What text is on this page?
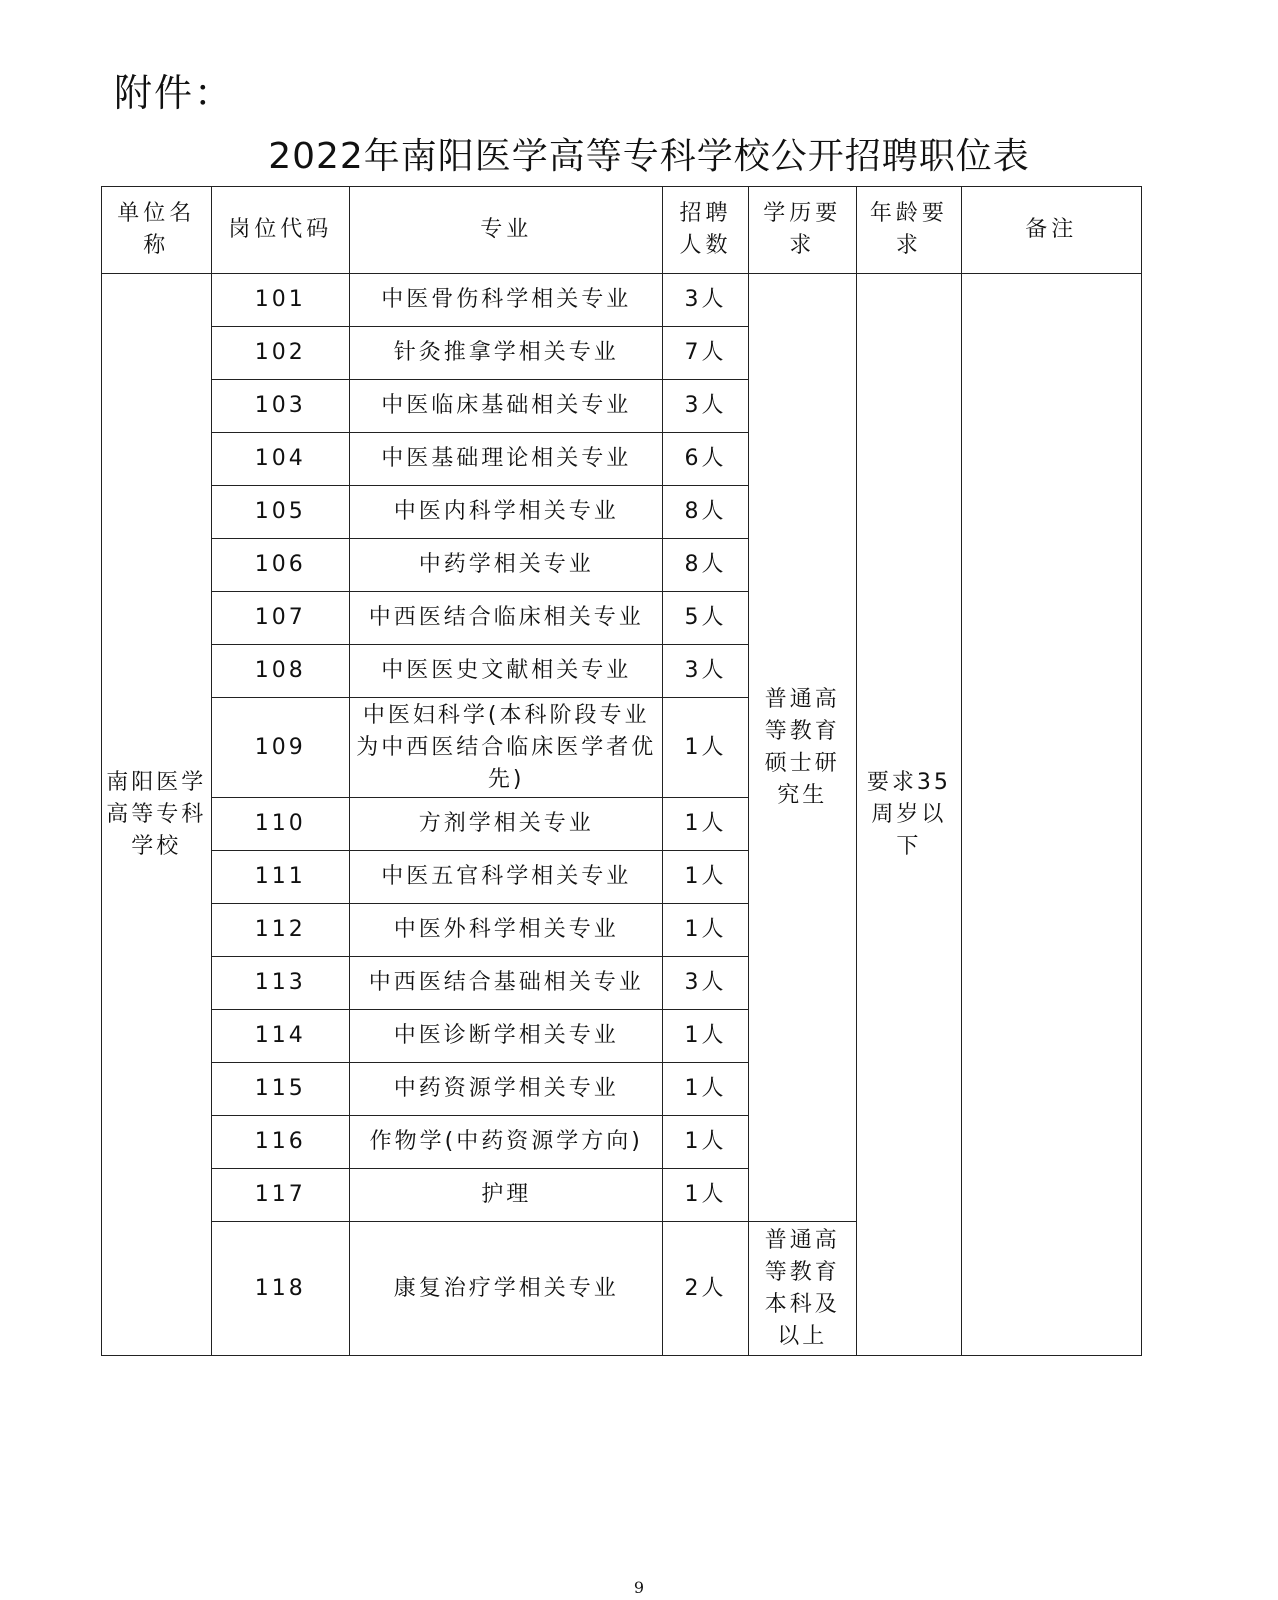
附件：
2022年南阳医学高等专科学校公开招聘职位表
单位名称	岗位代码	专业	招聘人数	学历要求	年龄要求	备注
南阳医学高等专科学校	101	中医骨伤科学相关专业	3人	普通高等教育硕士研究生	要求35周岁以下	
	102	针灸推拿学相关专业	7人			
	103	中医临床基础相关专业	3人			
	104	中医基础理论相关专业	6人			
	105	中医内科学相关专业	8人			
	106	中药学相关专业	8人			
	107	中西医结合临床相关专业	5人			
	108	中医医史文献相关专业	3人			
	109	中医妇科学(本科阶段专业为中西医结合临床医学者优先)	1人			
	110	方剂学相关专业	1人			
	111	中医五官科学相关专业	1人			
	112	中医外科学相关专业	1人			
	113	中西医结合基础相关专业	3人			
	114	中医诊断学相关专业	1人			
	115	中药资源学相关专业	1人			
	116	作物学(中药资源学方向)	1人			
	117	护理	1人			
	118	康复治疗学相关专业	2人	普通高等教育本科及以上		
9
